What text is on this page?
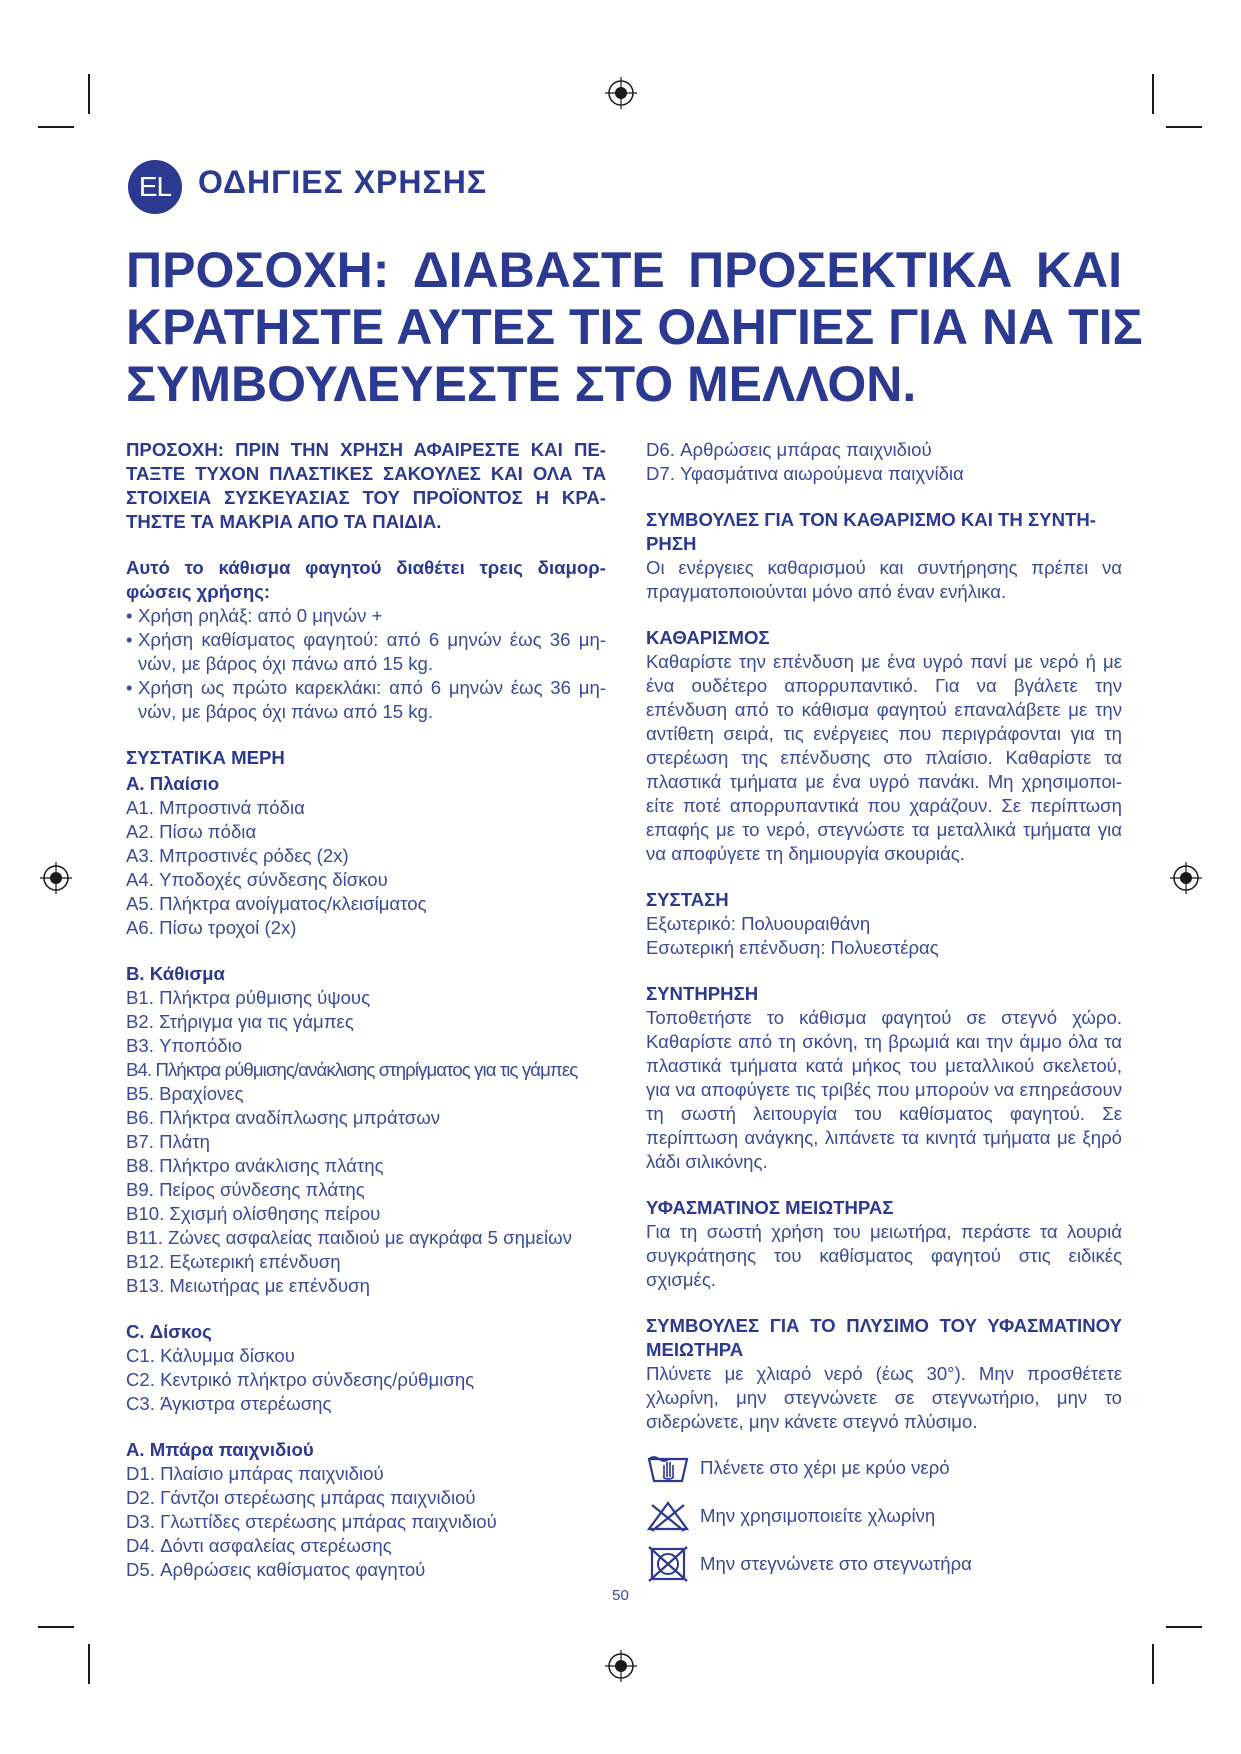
EL ΟΔΗΓΙΕΣ ΧΡΗΣΗΣ
ΠΡΟΣΟΧΗ: ΔΙΑΒΑΣΤΕ ΠΡΟΣΕΚΤΙΚΑ ΚΑΙ
ΚΡΑΤΗΣΤΕ ΑΥΤΕΣ ΤΙΣ ΟΔΗΓΙΕΣ ΓΙΑ ΝΑ ΤΙΣ
ΣΥΜΒΟΥΛΕΥΕΣΤΕ ΣΤΟ ΜΕΛΛΟΝ.
ΠΡΟΣΟΧΗ: ΠΡΙΝ ΤΗΝ ΧΡΗΣΗ ΑΦΑΙΡΕΣΤΕ ΚΑΙ ΠΕΤΑΞΤΕ ΤΥΧΟΝ ΠΛΑΣΤΙΚΕΣ ΣΑΚΟΥΛΕΣ ΚΑΙ ΟΛΑ ΤΑ ΣΤΟΙΧΕΙΑ ΣΥΣΚΕΥΑΣΙΑΣ ΤΟΥ ΠΡΟΪΟΝΤΟΣ Η ΚΡΑΤΗΣΤΕ ΤΑ ΜΑΚΡΙΑ ΑΠΟ ΤΑ ΠΑΙΔΙΑ.
Αυτό το κάθισμα φαγητού διαθέτει τρεις διαμορφώσεις χρήσης:
• Χρήση ρηλάξ: από 0 μηνών +
• Χρήση καθίσματος φαγητού: από 6 μηνών έως 36 μηνών, με βάρος όχι πάνω από 15 kg.
• Χρήση ως πρώτο καρεκλάκι: από 6 μηνών έως 36 μηνών, με βάρος όχι πάνω από 15 kg.
ΣΥΣΤΑΤΙΚΑ ΜΕΡΗ
A. Πλαίσιο
A1. Μπροστινά πόδια
A2. Πίσω πόδια
A3. Μπροστινές ρόδες (2x)
A4. Υποδοχές σύνδεσης δίσκου
A5. Πλήκτρα ανοίγματος/κλεισίματος
A6. Πίσω τροχοί (2x)
B. Κάθισμα
B1. Πλήκτρα ρύθμισης ύψους
B2. Στήριγμα για τις γάμπες
B3. Υποπόδιο
B4. Πλήκτρα ρύθμισης/ανάκλισης στηρίγματος για τις γάμπες
B5. Βραχίονες
B6. Πλήκτρα αναδίπλωσης μπράτσων
B7. Πλάτη
B8. Πλήκτρο ανάκλισης πλάτης
B9. Πείρος σύνδεσης πλάτης
B10. Σχισμή ολίσθησης πείρου
B11. Ζώνες ασφαλείας παιδιού με αγκράφα 5 σημείων
B12. Εξωτερική επένδυση
B13. Μειωτήρας με επένδυση
C. Δίσκος
C1. Κάλυμμα δίσκου
C2. Κεντρικό πλήκτρο σύνδεσης/ρύθμισης
C3. Άγκιστρα στερέωσης
A. Μπάρα παιχνιδιού
D1. Πλαίσιο μπάρας παιχνιδιού
D2. Γάντζοι στερέωσης μπάρας παιχνιδιού
D3. Γλωττίδες στερέωσης μπάρας παιχνιδιού
D4. Δόντι ασφαλείας στερέωσης
D5. Αρθρώσεις καθίσματος φαγητού
D6. Αρθρώσεις μπάρας παιχνιδιού
D7. Υφασμάτινα αιωρούμενα παιχνίδια
ΣΥΜΒΟΥΛΕΣ ΓΙΑ ΤΟΝ ΚΑΘΑΡΙΣΜΟ ΚΑΙ ΤΗ ΣΥΝΤΗΡΗΣΗ
Οι ενέργειες καθαρισμού και συντήρησης πρέπει να πραγματοποιούνται μόνο από έναν ενήλικα.
ΚΑΘΑΡΙΣΜΟΣ
Καθαρίστε την επένδυση με ένα υγρό πανί με νερό ή με ένα ουδέτερο απορρυπαντικό. Για να βγάλετε την επένδυση από το κάθισμα φαγητού επαναλάβετε με την αντίθετη σειρά, τις ενέργειες που περιγράφονται για τη στερέωση της επένδυσης στο πλαίσιο. Καθαρίστε τα πλαστικά τμήματα με ένα υγρό πανάκι. Μη χρησιμοποιείτε ποτέ απορρυπαντικά που χαράζουν. Σε περίπτωση επαφής με το νερό, στεγνώστε τα μεταλλικά τμήματα για να αποφύγετε τη δημιουργία σκουριάς.
ΣΥΣΤΑΣΗ
Εξωτερικό: Πολυουραιθάνη
Εσωτερική επένδυση: Πολυεστέρας
ΣΥΝΤΗΡΗΣΗ
Τοποθετήστε το κάθισμα φαγητού σε στεγνό χώρο. Καθαρίστε από τη σκόνη, τη βρωμιά και την άμμο όλα τα πλαστικά τμήματα κατά μήκος του μεταλλικού σκελετού, για να αποφύγετε τις τριβές που μπορούν να επηρεάσουν τη σωστή λειτουργία του καθίσματος φαγητού. Σε περίπτωση ανάγκης, λιπάνετε τα κινητά τμήματα με ξηρό λάδι σιλικόνης.
ΥΦΑΣΜΑΤΙΝΟΣ ΜΕΙΩΤΗΡΑΣ
Για τη σωστή χρήση του μειωτήρα, περάστε τα λουριά συγκράτησης του καθίσματος φαγητού στις ειδικές σχισμές.
ΣΥΜΒΟΥΛΕΣ ΓΙΑ ΤΟ ΠΛΥΣΙΜΟ ΤΟΥ ΥΦΑΣΜΑΤΙΝΟΥ ΜΕΙΩΤΗΡΑ
Πλύνετε με χλιαρό νερό (έως 30°). Μην προσθέτετε χλωρίνη, μην στεγνώνετε σε στεγνωτήριο, μην το σιδερώνετε, μην κάνετε στεγνό πλύσιμο.
Πλένετε στο χέρι με κρύο νερό
Μην χρησιμοποιείτε χλωρίνη
Μην στεγνώνετε στο στεγνωτήρα
50
